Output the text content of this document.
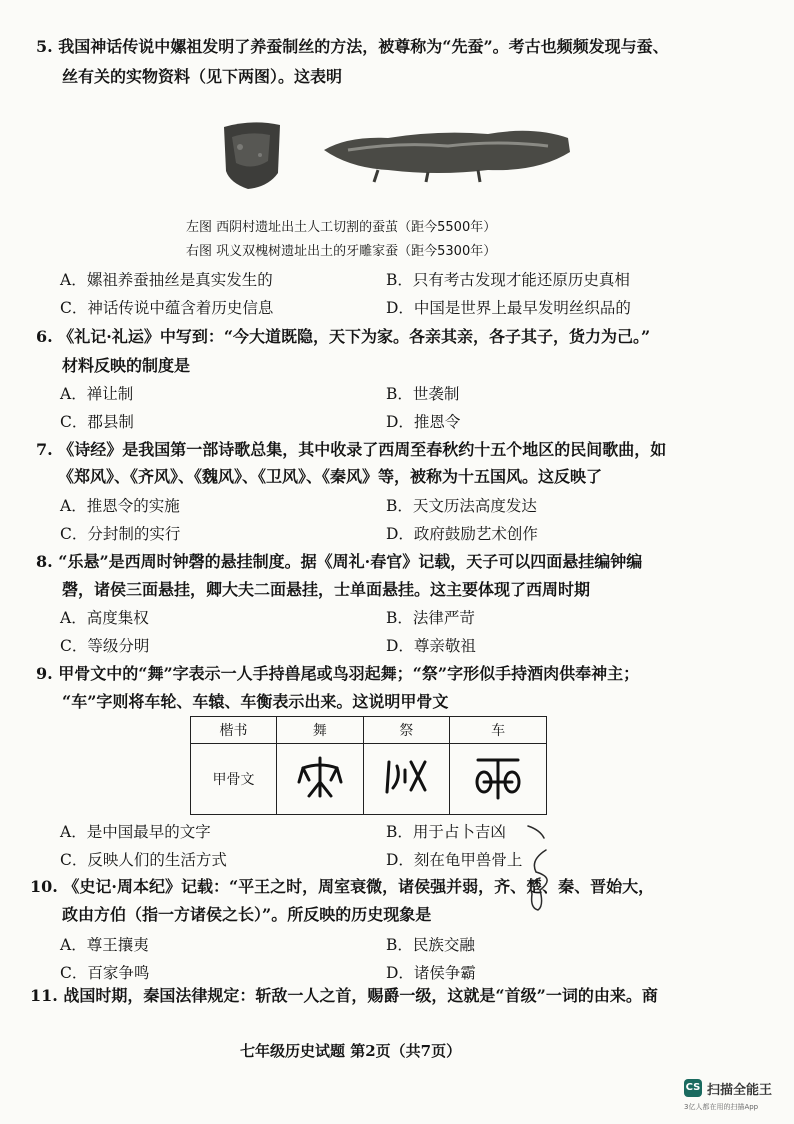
5. 我国神话传说中嫘祖发明了养蚕制丝的方法，被尊称为“先蚕”。考古也频频发现与蚕、
丝有关的实物资料（见下两图）。这表明
左图 西阴村遗址出土人工切割的蚕茧（距今5500年）
右图 巩义双槐树遗址出土的牙雕家蚕（距今5300年）
A．嫘祖养蚕抽丝是真实发生的	B．只有考古发现才能还原历史真相
C．神话传说中蕴含着历史信息	D．中国是世界上最早发明丝织品的
6. 《礼记·礼运》中写到：“今大道既隐，天下为家。各亲其亲，各子其子，货力为己。”
材料反映的制度是
A．禅让制	B．世袭制
C．郡县制	D．推恩令
7. 《诗经》是我国第一部诗歌总集，其中收录了西周至春秋约十五个地区的民间歌曲，如
《郑风》、《齐风》、《魏风》、《卫风》、《秦风》等，被称为十五国风。这反映了
A．推恩令的实施	B．天文历法高度发达
C．分封制的实行	D．政府鼓励艺术创作
8. “乐悬”是西周时钟磬的悬挂制度。据《周礼·春官》记载，天子可以四面悬挂编钟编
磬，诸侯三面悬挂，卿大夫二面悬挂，士单面悬挂。这主要体现了西周时期
A．高度集权	B．法律严苛
C．等级分明	D．尊亲敬祖
9. 甲骨文中的“舞”字表示一人手持兽尾或鸟羽起舞；“祭”字形似手持酒肉供奉神主；
“车”字则将车轮、车辕、车衡表示出来。这说明甲骨文
楷书	舞	祭	车
甲骨文			
A．是中国最早的文字	B．用于占卜吉凶
C．反映人们的生活方式	D．刻在龟甲兽骨上
10. 《史记·周本纪》记载：“平王之时，周室衰微，诸侯强并弱，齐、楚、秦、晋始大，
政由方伯（指一方诸侯之长）”。所反映的历史现象是
A．尊王攘夷	B．民族交融
C．百家争鸣	D．诸侯争霸
11. 战国时期，秦国法律规定：斩敌一人之首，赐爵一级，这就是“首级”一词的由来。商
七年级历史试题 第2页（共7页）
CS 扫描全能王
3亿人都在用的扫描App
